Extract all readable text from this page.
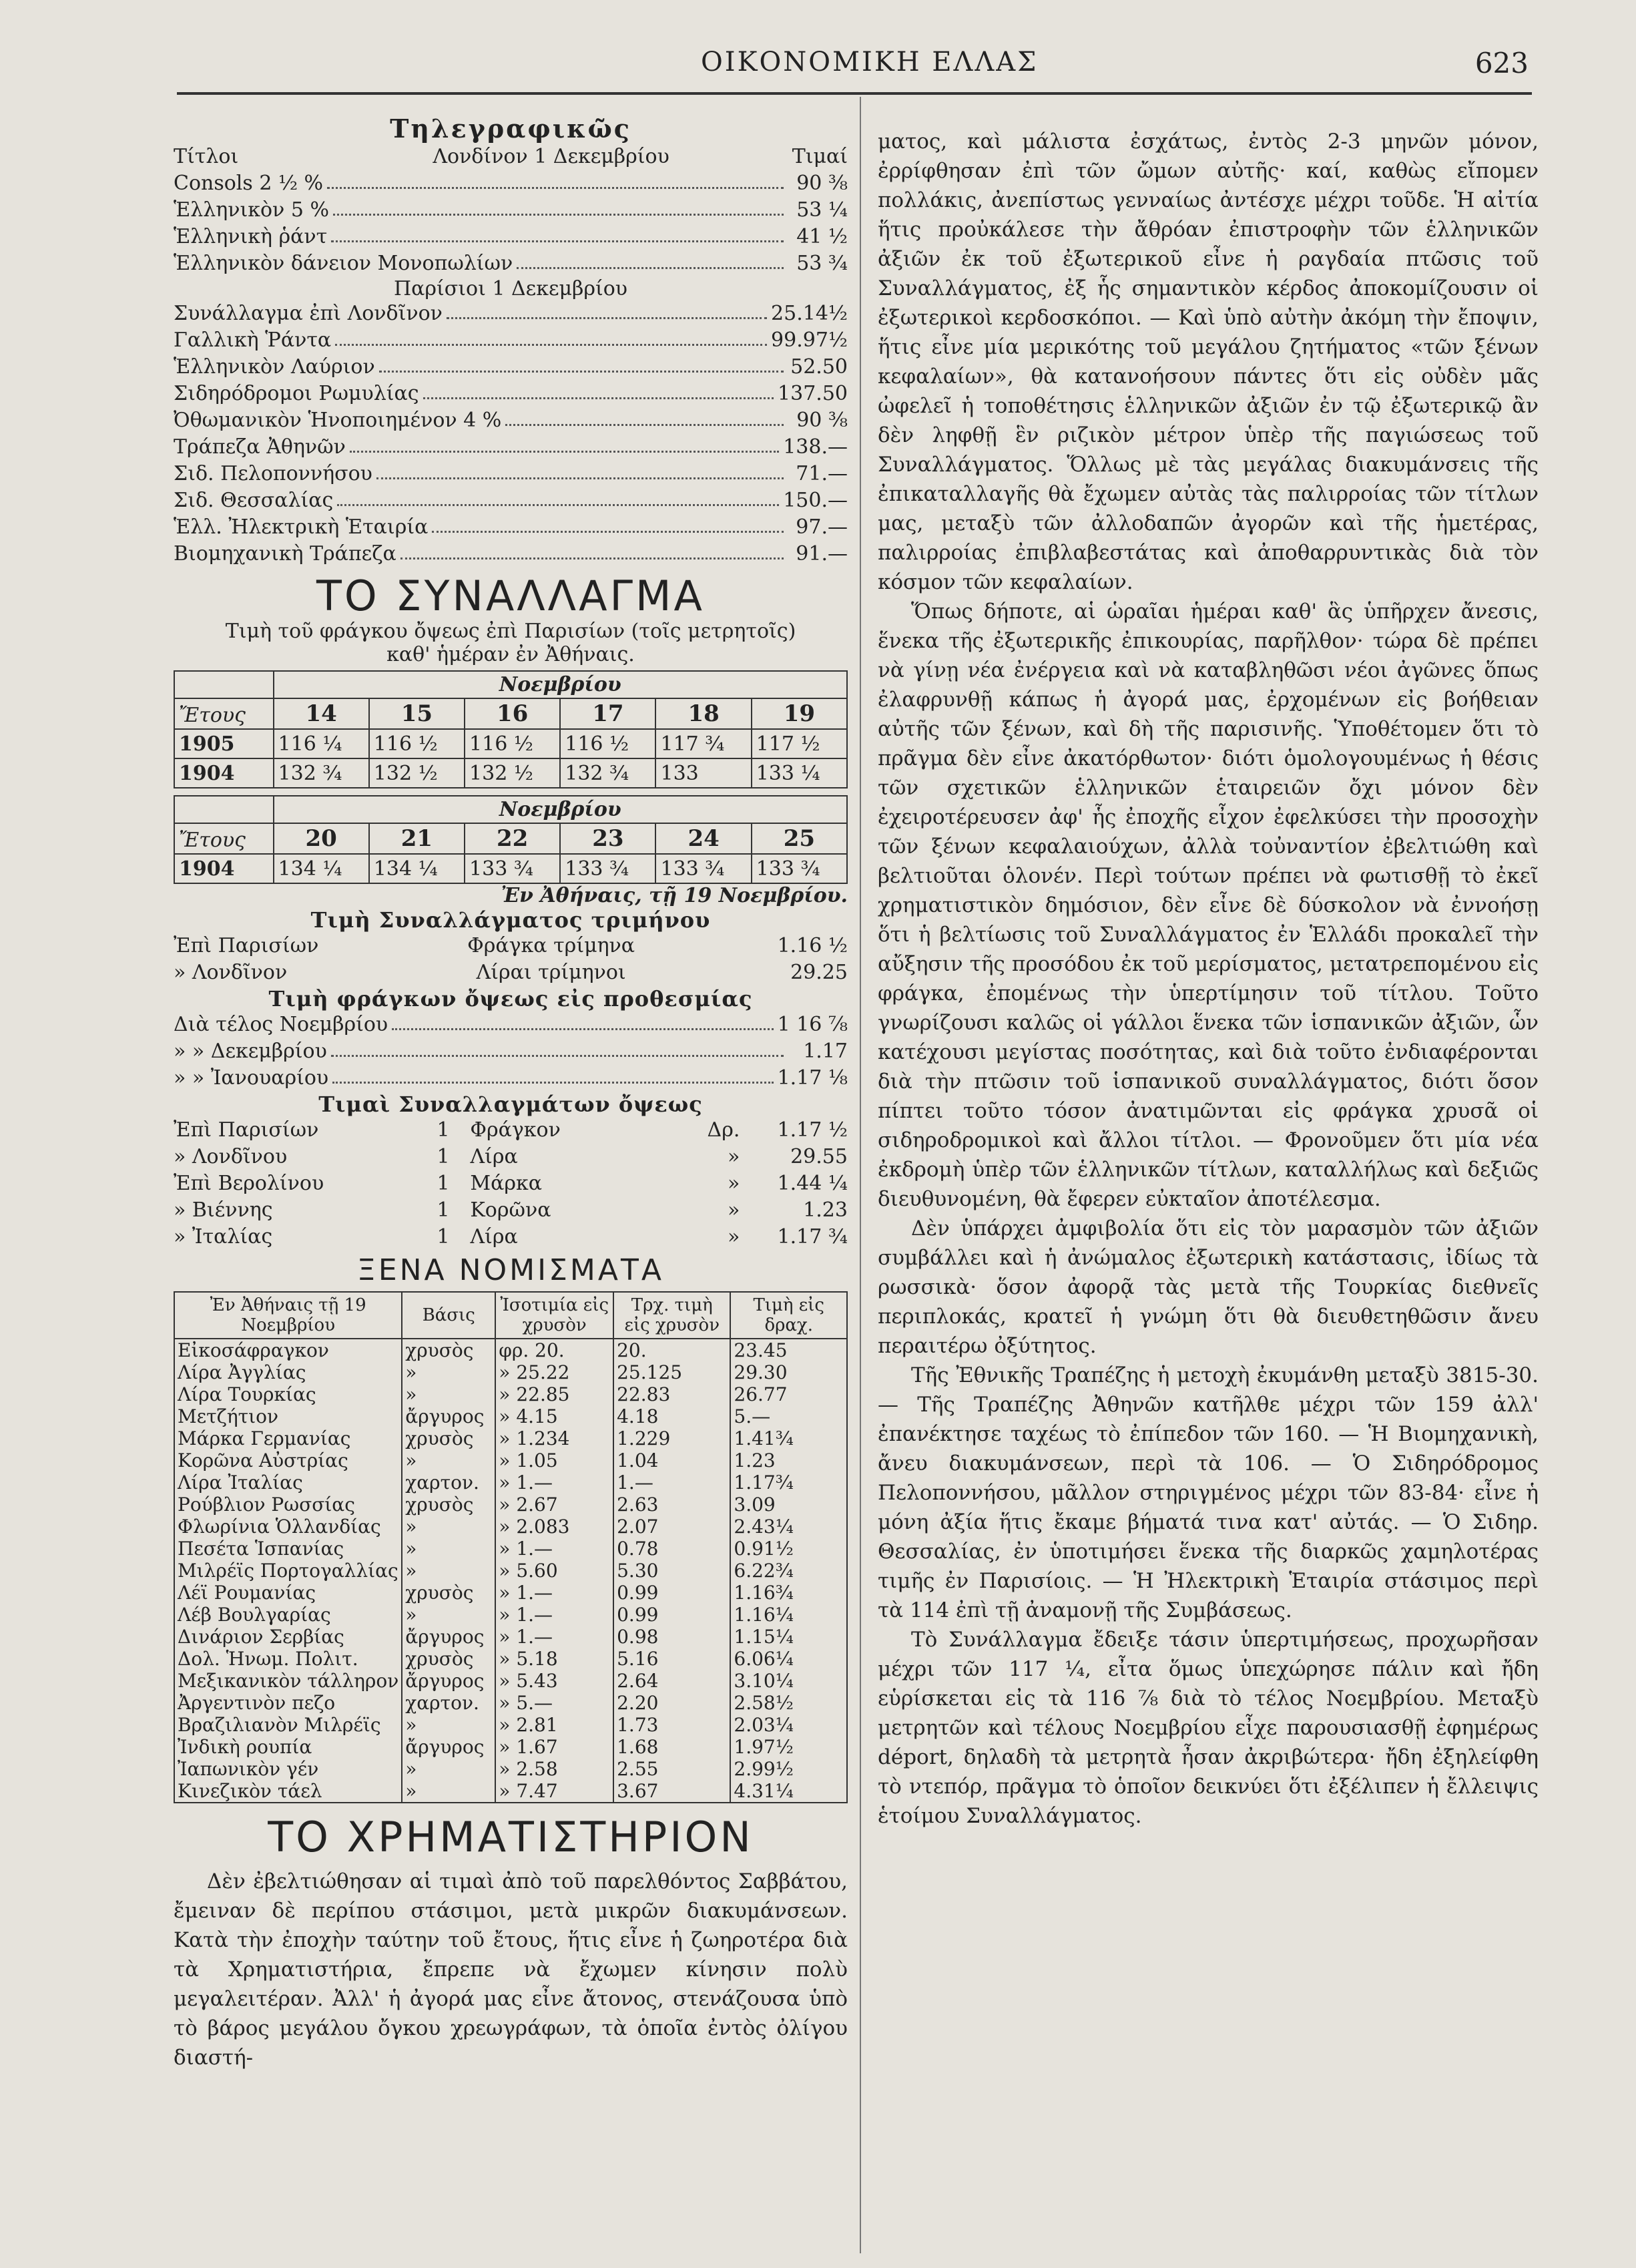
ΟΙΚΟΝΟΜΙΚΗ ΕΛΛΑΣ	623
Τηλεγραφικῶς
Τίτλοι	Λονδίνον 1 Δεκεμβρίου	Τιμαί
Consols 2 ½ %	90 ⅜
Ἑλληνικὸν 5 %	53 ¼
Ἑλληνικὴ ῥάντ	41 ½
Ἑλληνικὸν δάνειον Μονοπωλίων	53 ¾
Παρίσιοι 1 Δεκεμβρίου
Συνάλλαγμα ἐπὶ Λονδῖνον	25.14½
Γαλλικὴ Ῥάντα	99.97½
Ἑλληνικὸν Λαύριον	52.50
Σιδηρόδρομοι Ρωμυλίας	137.50
Ὀθωμανικὸν Ἡνοποιημένον 4 %	90 ⅜
Τράπεζα Ἀθηνῶν	138.—
Σιδ. Πελοποννήσου	71.—
Σιδ. Θεσσαλίας	150.—
Ἑλλ. Ἠλεκτρικὴ Ἑταιρία	97.—
Βιομηχανικὴ Τράπεζα	91.—
ΤΟ ΣΥΝΑΛΛΑΓΜΑ
Τιμὴ τοῦ φράγκου ὄψεως ἐπὶ Παρισίων (τοῖς μετρητοῖς)
καθ' ἡμέραν ἐν Ἀθήναις.
	Νοεμβρίου					
Ἔτους	14	15	16	17	18	19
1905	116 ¼	116 ½	116 ½	116 ½	117 ¾	117 ½
1904	132 ¾	132 ½	132 ½	132 ¾	133	133 ¼
	Νοεμβρίου					
Ἔτους	20	21	22	23	24	25
1904	134 ¼	134 ¼	133 ¾	133 ¾	133 ¾	133 ¾
Ἐν Ἀθήναις, τῇ 19 Νοεμβρίου.
Τιμὴ Συναλλάγματος τριμήνου
Ἐπὶ Παρισίων	Φράγκα τρίμηνα	1.16 ½
» Λονδῖνον	Λίραι τρίμηνοι	29.25
Τιμὴ φράγκων ὄψεως εἰς προθεσμίας
Διὰ τέλος Νοεμβρίου	1 16 ⅞
» » Δεκεμβρίου	1.17
» » Ἰανουαρίου	1.17 ⅛
Τιμαὶ Συναλλαγμάτων ὄψεως
Ἐπὶ Παρισίων	1	Φράγκον	Δρ.	1.17 ½
» Λονδῖνου	1	Λίρα	»	29.55
Ἐπὶ Βερολίνου	1	Μάρκα	»	1.44 ¼
» Βιέννης	1	Κορῶνα	»	1.23
» Ἰταλίας	1	Λίρα	»	1.17 ¾
ΞΕΝΑ ΝΟΜΙΣΜΑΤΑ
Ἐν Ἀθήναις τῇ 19 Νοεμβρίου	Βάσις	Ἰσοτιμία εἰς χρυσὸν	Τρχ. τιμὴ εἰς χρυσὸν	Τιμὴ εἰς δραχ.
Εἰκοσάφραγκον	χρυσὸς	φρ. 20.	20.	23.45
Λίρα Ἀγγλίας	»	» 25.22	25.125	29.30
Λίρα Τουρκίας	»	» 22.85	22.83	26.77
Μετζήτιον	ἄργυρος	» 4.15	4.18	5.—
Μάρκα Γερμανίας	χρυσὸς	» 1.234	1.229	1.41¾
Κορῶνα Αὐστρίας	»	» 1.05	1.04	1.23
Λίρα Ἰταλίας	χαρτον.	» 1.—	1.—	1.17¾
Ρούβλιον Ρωσσίας	χρυσὸς	» 2.67	2.63	3.09
Φλωρίνια Ὁλλανδίας	»	» 2.083	2.07	2.43¼
Πεσέτα Ἱσπανίας	»	» 1.—	0.78	0.91½
Μιλρέϊς Πορτογαλλίας	»	» 5.60	5.30	6.22¾
Λέϊ Ρουμανίας	χρυσὸς	» 1.—	0.99	1.16¾
Λέβ Βουλγαρίας	»	» 1.—	0.99	1.16¼
Δινάριον Σερβίας	ἄργυρος	» 1.—	0.98	1.15¼
Δολ. Ἡνωμ. Πολιτ.	χρυσὸς	» 5.18	5.16	6.06¼
Μεξικανικὸν τάλληρον	ἄργυρος	» 5.43	2.64	3.10¼
Ἀργεντινὸν πεζο	χαρτον.	» 5.—	2.20	2.58½
Βραζιλιανὸν Μιλρέϊς	»	» 2.81	1.73	2.03¼
Ἰνδικὴ ρουπία	ἄργυρος	» 1.67	1.68	1.97½
Ἰαπωνικὸν γέν	»	» 2.58	2.55	2.99½
Κινεζικὸν τάελ	»	» 7.47	3.67	4.31¼
ΤΟ ΧΡΗΜΑΤΙΣΤΗΡΙΟΝ

Δὲν ἐβελτιώθησαν αἱ τιμαὶ ἀπὸ τοῦ παρελθόντος Σαββάτου, ἔμειναν δὲ περίπου στάσιμοι, μετὰ μικρῶν διακυμάνσεων. Κατὰ τὴν ἐποχὴν ταύτην τοῦ ἔτους, ἥτις εἶνε ἡ ζωηροτέρα διὰ τὰ Χρηματιστήρια, ἔπρεπε νὰ ἔχωμεν κίνησιν πολὺ μεγαλειτέραν. Ἀλλ' ἡ ἀγορά μας εἶνε ἄτονος, στενάζουσα ὑπὸ τὸ βάρος μεγάλου ὄγκου χρεωγράφων, τὰ ὁποῖα ἐντὸς ὀλίγου διαστή-

ματος, καὶ μάλιστα ἐσχάτως, ἐντὸς 2-3 μηνῶν μόνον, ἐρρίφθησαν ἐπὶ τῶν ὤμων αὐτῆς· καί, καθὼς εἴπομεν πολλάκις, ἀνεπίστως γενναίως ἀντέσχε μέχρι τοῦδε. Ἡ αἰτία ἥτις προὐκάλεσε τὴν ἄθρόαν ἐπιστροφὴν τῶν ἑλληνικῶν ἀξιῶν ἐκ τοῦ ἐξωτερικοῦ εἶνε ἡ ραγδαία πτῶσις τοῦ Συναλλάγματος, ἐξ ἧς σημαντικὸν κέρδος ἀποκομίζουσιν οἱ ἐξωτερικοὶ κερδοσκόποι. — Καὶ ὑπὸ αὐτὴν ἀκόμη τὴν ἔποψιν, ἥτις εἶνε μία μερικότης τοῦ μεγάλου ζητήματος «τῶν ξένων κεφαλαίων», θὰ κατανοήσουν πάντες ὅτι εἰς οὐδὲν μᾶς ὠφελεῖ ἡ τοποθέτησις ἑλληνικῶν ἀξιῶν ἐν τῷ ἐξωτερικῷ ἂν δὲν ληφθῇ ἓν ριζικὸν μέτρον ὑπὲρ τῆς παγιώσεως τοῦ Συναλλάγματος. Ὅλλως μὲ τὰς μεγάλας διακυμάνσεις τῆς ἐπικαταλλαγῆς θὰ ἔχωμεν αὐτὰς τὰς παλιρροίας τῶν τίτλων μας, μεταξὺ τῶν ἀλλοδαπῶν ἀγορῶν καὶ τῆς ἡμετέρας, παλιρροίας ἐπιβλαβεστάτας καὶ ἀποθαρρυντικὰς διὰ τὸν κόσμον τῶν κεφαλαίων.

Ὅπως δήποτε, αἱ ὡραῖαι ἡμέραι καθ' ἃς ὑπῆρχεν ἄνεσις, ἕνεκα τῆς ἐξωτερικῆς ἐπικουρίας, παρῆλθον· τώρα δὲ πρέπει νὰ γίνῃ νέα ἐνέργεια καὶ νὰ καταβληθῶσι νέοι ἀγῶνες ὅπως ἐλαφρυνθῇ κάπως ἡ ἀγορά μας, ἐρχομένων εἰς βοήθειαν αὐτῆς τῶν ξένων, καὶ δὴ τῆς παρισινῆς. Ὑποθέτομεν ὅτι τὸ πρᾶγμα δὲν εἶνε ἀκατόρθωτον· διότι ὁμολογουμένως ἡ θέσις τῶν σχετικῶν ἑλληνικῶν ἑταιρειῶν ὄχι μόνον δὲν ἐχειροτέρευσεν ἀφ' ἧς ἐποχῆς εἶχον ἐφελκύσει τὴν προσοχὴν τῶν ξένων κεφαλαιούχων, ἀλλὰ τοὐναντίον ἐβελτιώθη καὶ βελτιοῦται ὁλονέν. Περὶ τούτων πρέπει νὰ φωτισθῇ τὸ ἐκεῖ χρηματιστικὸν δημόσιον, δὲν εἶνε δὲ δύσκολον νὰ ἐννοήσῃ ὅτι ἡ βελτίωσις τοῦ Συναλλάγματος ἐν Ἑλλάδι προκαλεῖ τὴν αὔξησιν τῆς προσόδου ἐκ τοῦ μερίσματος, μετατρεπομένου εἰς φράγκα, ἐπομένως τὴν ὑπερτίμησιν τοῦ τίτλου. Τοῦτο γνωρίζουσι καλῶς οἱ γάλλοι ἕνεκα τῶν ἱσπανικῶν ἀξιῶν, ὧν κατέχουσι μεγίστας ποσότητας, καὶ διὰ τοῦτο ἐνδιαφέρονται διὰ τὴν πτῶσιν τοῦ ἱσπανικοῦ συναλλάγματος, διότι ὅσον πίπτει τοῦτο τόσον ἀνατιμῶνται εἰς φράγκα χρυσᾶ οἱ σιδηροδρομικοὶ καὶ ἄλλοι τίτλοι. — Φρονοῦμεν ὅτι μία νέα ἐκδρομὴ ὑπὲρ τῶν ἑλληνικῶν τίτλων, καταλλήλως καὶ δεξιῶς διευθυνομένη, θὰ ἔφερεν εὐκταῖον ἀποτέλεσμα.

Δὲν ὑπάρχει ἀμφιβολία ὅτι εἰς τὸν μαρασμὸν τῶν ἀξιῶν συμβάλλει καὶ ἡ ἀνώμαλος ἐξωτερικὴ κατάστασις, ἰδίως τὰ ρωσσικὰ· ὅσον ἀφορᾷ τὰς μετὰ τῆς Τουρκίας διεθνεῖς περιπλοκάς, κρατεῖ ἡ γνώμη ὅτι θὰ διευθετηθῶσιν ἄνευ περαιτέρω ὀξύτητος.

Τῆς Ἐθνικῆς Τραπέζης ἡ μετοχὴ ἐκυμάνθη μεταξὺ 3815-30. — Τῆς Τραπέζης Ἀθηνῶν κατῆλθε μέχρι τῶν 159 ἀλλ' ἐπανέκτησε ταχέως τὸ ἐπίπεδον τῶν 160. — Ἡ Βιομηχανικὴ, ἄνευ διακυμάνσεων, περὶ τὰ 106. — Ὁ Σιδηρόδρομος Πελοποννήσου, μᾶλλον στηριγμένος μέχρι τῶν 83-84· εἶνε ἡ μόνη ἀξία ἥτις ἔκαμε βήματά τινα κατ' αὐτάς. — Ὁ Σιδηρ. Θεσσαλίας, ἐν ὑποτιμήσει ἕνεκα τῆς διαρκῶς χαμηλοτέρας τιμῆς ἐν Παρισίοις. — Ἡ Ἠλεκτρικὴ Ἑταιρία στάσιμος περὶ τὰ 114 ἐπὶ τῇ ἀναμονῇ τῆς Συμβάσεως.

Τὸ Συνάλλαγμα ἔδειξε τάσιν ὑπερτιμήσεως, προχωρῆσαν μέχρι τῶν 117 ¼, εἶτα ὅμως ὑπεχώρησε πάλιν καὶ ἤδη εὑρίσκεται εἰς τὰ 116 ⅞ διὰ τὸ τέλος Νοεμβρίου. Μεταξὺ μετρητῶν καὶ τέλους Νοεμβρίου εἶχε παρουσιασθῇ ἐφημέρως déport, δηλαδὴ τὰ μετρητὰ ἦσαν ἀκριβώτερα· ἤδη ἐξηλείφθη τὸ ντεπόρ, πρᾶγμα τὸ ὁποῖον δεικνύει ὅτι ἐξέλιπεν ἡ ἔλλειψις ἑτοίμου Συναλλάγματος.
